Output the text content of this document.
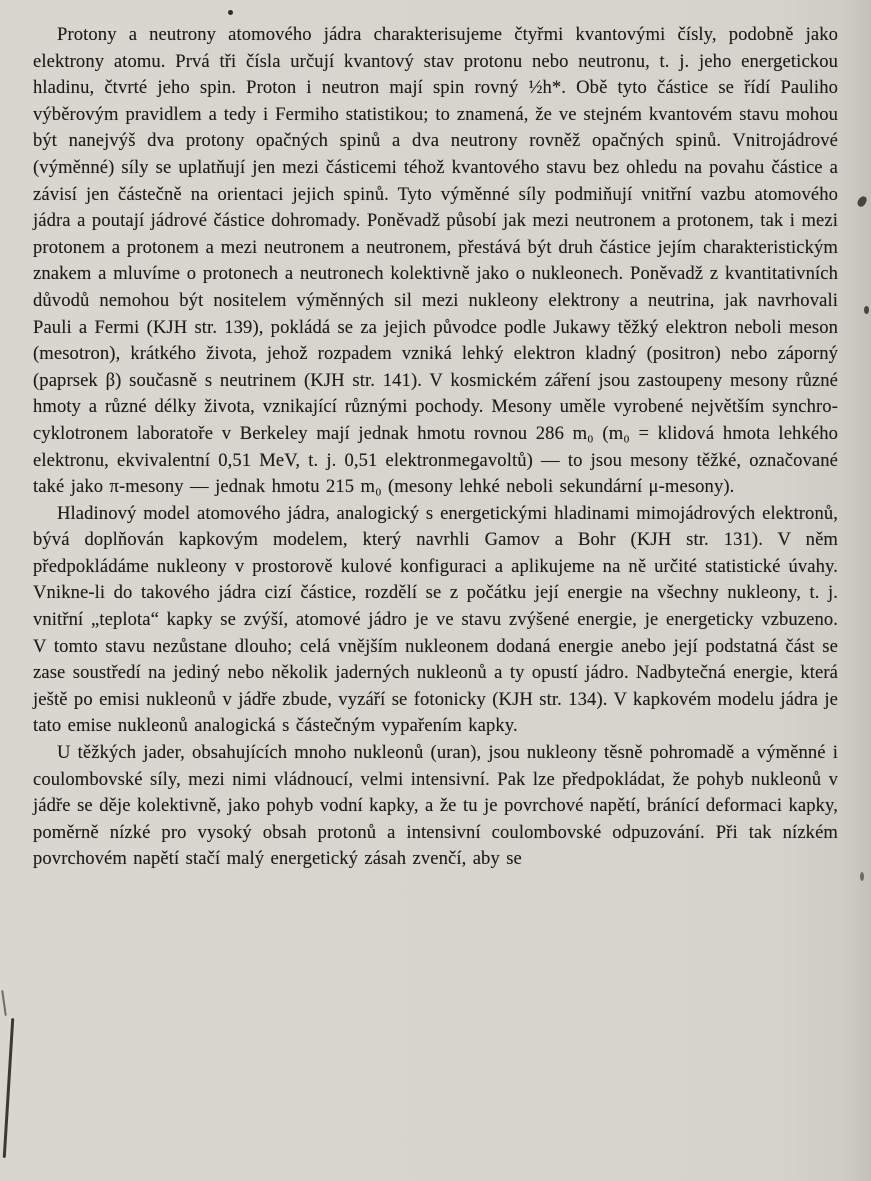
Protony a neutrony atomového jádra charakterisujeme čtyřmi kvantovými čísly, podobně jako elektrony atomu. Prvá tři čísla určují kvantový stav protonu nebo neutronu, t. j. jeho energetickou hladinu, čtvrté jeho spin. Proton i neutron mají spin rovný ½h*. Obě tyto částice se řídí Pauliho výběrovým pravidlem a tedy i Fermiho statistikou; to znamená, že ve stejném kvantovém stavu mohou být nanejvýš dva protony opačných spinů a dva neutrony rovněž opačných spinů. Vnitrojádrové (výměnné) síly se uplatňují jen mezi částicemi téhož kvantového stavu bez ohledu na povahu částice a závisí jen částečně na orientaci jejich spinů. Tyto výměnné síly podmiňují vnitřní vazbu atomového jádra a poutají jádrové částice dohromady. Poněvadž působí jak mezi neutronem a protonem, tak i mezi protonem a protonem a mezi neutronem a neutronem, přestává být druh částice jejím charakteristickým znakem a mluvíme o protonech a neutronech kolektivně jako o nukleonech. Poněvadž z kvantitativních důvodů nemohou být nositelem výměnných sil mezi nukleony elektrony a neutrina, jak navrhovali Pauli a Fermi (KJH str. 139), pokládá se za jejich původce podle Jukawy těžký elektron neboli meson (mesotron), krátkého života, jehož rozpadem vzniká lehký elektron kladný (positron) nebo záporný (paprsek β) současně s neutrinem (KJH str. 141). V kosmickém záření jsou zastoupeny mesony různé hmoty a různé délky života, vznikající různými pochody. Mesony uměle vyrobené největším synchro-cyklotronem laboratoře v Berkeley mají jednak hmotu rovnou 286 m₀ (m₀ = klidová hmota lehkého elektronu, ekvivalentní 0,51 MeV, t. j. 0,51 elektronmegavoltů) — to jsou mesony těžké, označované také jako π-mesony — jednak hmotu 215 m₀ (mesony lehké neboli sekundární μ-mesony).

Hladinový model atomového jádra, analogický s energetickými hladinami mimojádrových elektronů, bývá doplňován kapkovým modelem, který navrhli Gamov a Bohr (KJH str. 131). V něm předpokládáme nukleony v prostorově kulové konfiguraci a aplikujeme na ně určité statistické úvahy. Vnikne-li do takového jádra cizí částice, rozdělí se z počátku její energie na všechny nukleony, t. j. vnitřní „teplota“ kapky se zvýší, atomové jádro je ve stavu zvýšené energie, je energeticky vzbuzeno. V tomto stavu nezůstane dlouho; celá vnějším nukleonem dodaná energie anebo její podstatná část se zase soustředí na jediný nebo několik jaderných nukleonů a ty opustí jádro. Nadbytečná energie, která ještě po emisi nukleonů v jádře zbude, vyzáří se fotonicky (KJH str. 134). V kapkovém modelu jádra je tato emise nukleonů analogická s částečným vypařením kapky.

U těžkých jader, obsahujících mnoho nukleonů (uran), jsou nukleony těsně pohromadě a výměnné i coulombovské síly, mezi nimi vládnoucí, velmi intensivní. Pak lze předpokládat, že pohyb nukleonů v jádře se děje kolektivně, jako pohyb vodní kapky, a že tu je povrchové napětí, bránící deformaci kapky, poměrně nízké pro vysoký obsah protonů a intensivní coulombovské odpuzování. Při tak nízkém povrchovém napětí stačí malý energetický zásah zvenčí, aby se
